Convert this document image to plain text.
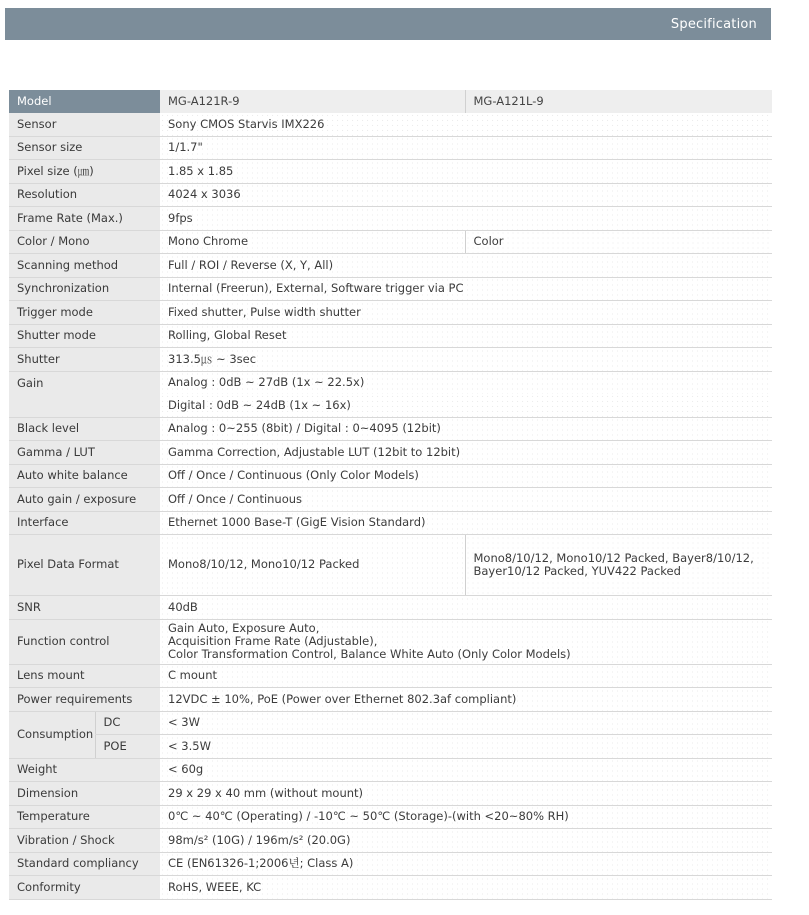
Specification
Model		MG-A121R-9	MG-A121L-9
Sensor		Sony CMOS Starvis IMX226	
Sensor size		1/1.7"	
Pixel size (㎛)		1.85 x 1.85	
Resolution		4024 x 3036	
Frame Rate (Max.)		9fps	
Color / Mono		Mono Chrome	Color
Scanning method		Full / ROI / Reverse (X, Y, All)	
Synchronization		Internal (Freerun), External, Software trigger via PC	
Trigger mode		Fixed shutter, Pulse width shutter	
Shutter mode		Rolling, Global Reset	
Shutter		313.5㎲ ~ 3sec	
Gain		Analog : 0dB ~ 27dB (1x ~ 22.5x)	
		Digital : 0dB ~ 24dB (1x ~ 16x)	
Black level		Analog : 0~255 (8bit) / Digital : 0~4095 (12bit)	
Gamma / LUT		Gamma Correction, Adjustable LUT (12bit to 12bit)	
Auto white balance		Off / Once / Continuous (Only Color Models)	
Auto gain / exposure		Off / Once / Continuous	
Interface		Ethernet 1000 Base-T (GigE Vision Standard)	
Pixel Data Format		Mono8/10/12, Mono10/12 Packed	Mono8/10/12, Mono10/12 Packed, Bayer8/10/12,
Bayer10/12 Packed, YUV422 Packed

SNR		40dB	
Function control		Gain Auto, Exposure Auto,
Acquisition Frame Rate (Adjustable),
Color Transformation Control, Balance White Auto (Only Color Models)	

Lens mount		C mount	
Power requirements		12VDC ± 10%, PoE (Power over Ethernet 802.3af compliant)	
Consumption	DC	< 3W	
	POE	< 3.5W	
Weight		< 60g	
Dimension		29 x 29 x 40 mm (without mount)	
Temperature		0℃ ~ 40℃ (Operating) / -10℃ ~ 50℃ (Storage)-(with <20~80% RH)	
Vibration / Shock		98m/s² (10G) / 196m/s² (20.0G)	
Standard compliancy		CE (EN61326-1;2006년; Class A)	
Conformity		RoHS, WEEE, KC	
